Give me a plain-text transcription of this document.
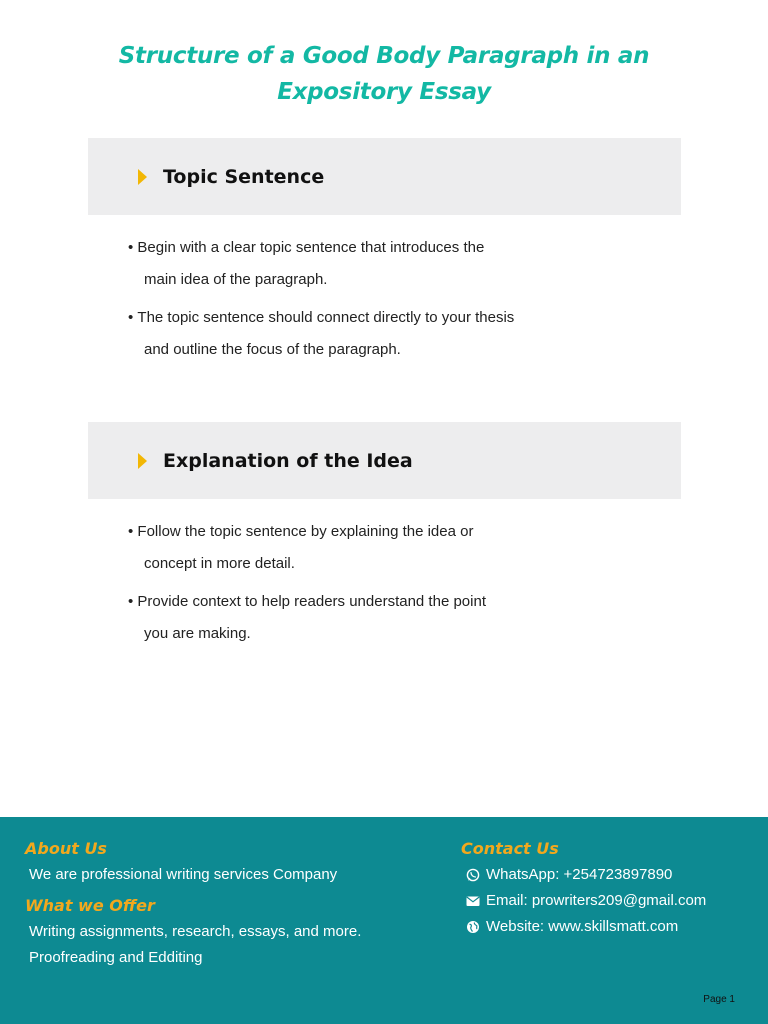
Structure of a Good Body Paragraph in an Expository Essay
Topic Sentence
• Begin with a clear topic sentence that introduces the
main idea of the paragraph.
• The topic sentence should connect directly to your thesis
and outline the focus of the paragraph.
Explanation of the Idea
• Follow the topic sentence by explaining the idea or
concept in more detail.
• Provide context to help readers understand the point
you are making.
About Us
We are professional writing services Company
What we Offer
Writing assignments, research, essays, and more.
Proofreading and Edditing
Contact Us
WhatsApp: +254723897890
Email: prowriters209@gmail.com
Website: www.skillsmatt.com
Page 1
